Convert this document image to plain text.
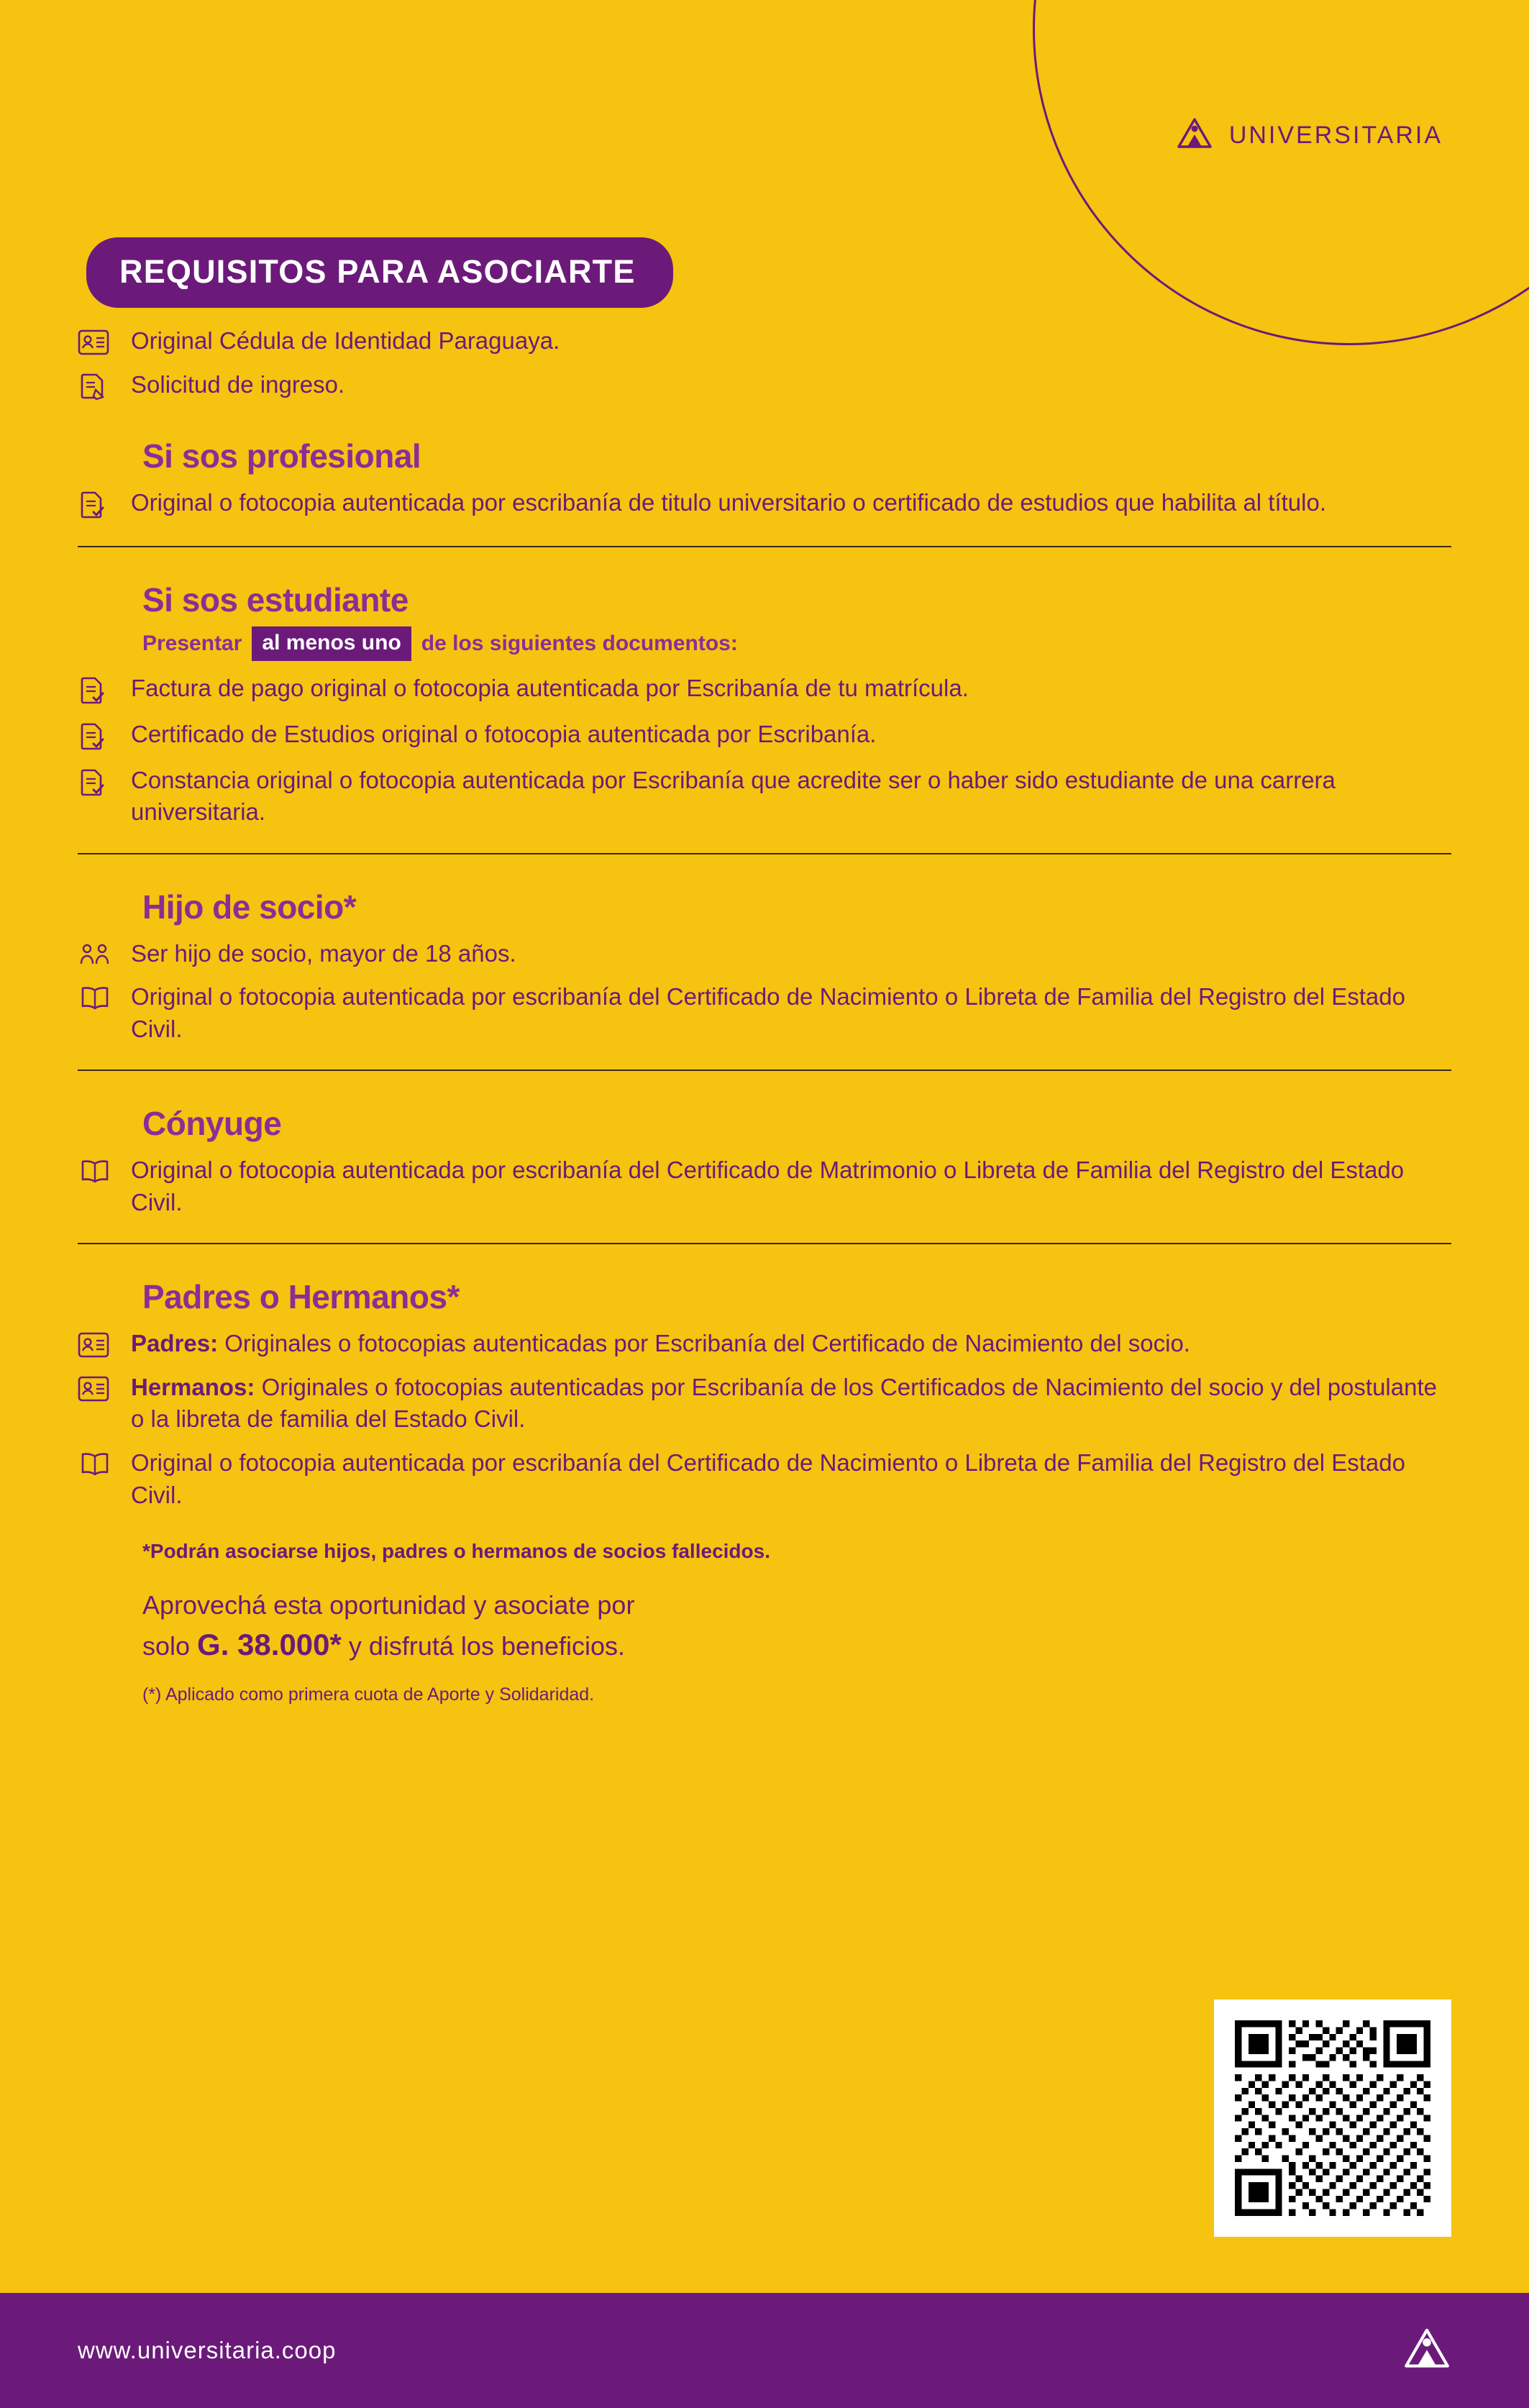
UNIVERSITARIA
REQUISITOS PARA ASOCIARTE
Original Cédula de Identidad Paraguaya.
Solicitud de ingreso.
Si sos profesional
Original o fotocopia autenticada por escribanía de titulo universitario o certificado de estudios que habilita al título.
Si sos estudiante
Presentar al menos uno de los siguientes documentos:
Factura de pago original o fotocopia autenticada por Escribanía de tu matrícula.
Certificado de Estudios original o fotocopia autenticada por Escribanía.
Constancia original o fotocopia autenticada por Escribanía que acredite ser o haber sido estudiante de una carrera universitaria.
Hijo de socio*
Ser hijo de socio, mayor de 18 años.
Original o fotocopia autenticada por escribanía del Certificado de Nacimiento o Libreta de Familia del Registro del Estado Civil.
Cónyuge
Original o fotocopia autenticada por escribanía del Certificado de Matrimonio o Libreta de Familia del Registro del Estado Civil.
Padres o Hermanos*
Padres: Originales o fotocopias autenticadas por Escribanía del Certificado de Nacimiento del socio.
Hermanos: Originales o fotocopias autenticadas por Escribanía de los Certificados de Nacimiento del socio y del postulante o la libreta de familia del Estado Civil.
Original o fotocopia autenticada por escribanía del Certificado de Nacimiento o Libreta de Familia del Registro del Estado Civil.
*Podrán asociarse hijos, padres o hermanos de socios fallecidos.
Aprovechá esta oportunidad y asociate por
solo G. 38.000* y disfrutá los beneficios.
(*) Aplicado como primera cuota de Aporte y Solidaridad.
www.universitaria.coop
